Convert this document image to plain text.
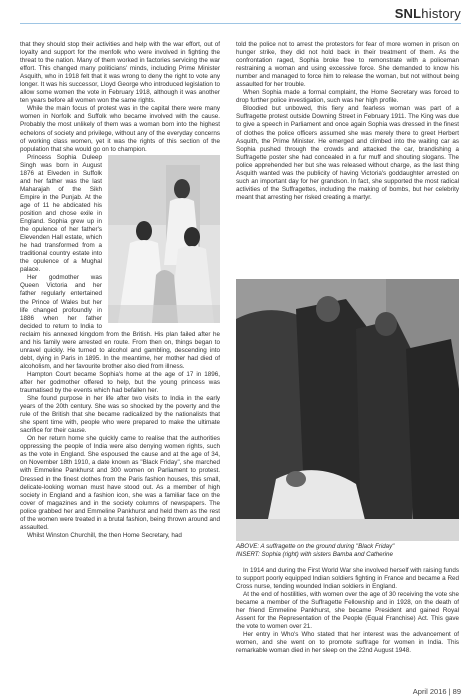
SNLhistory

that they should stop their activities and help with the war effort, out of loyalty and support for the menfolk who were involved in fighting the threat to the nation. Many of them worked in factories servicing the war effort. This changed many politicians' minds, including Prime Minister Asquith, who in 1918 felt that it was wrong to deny the right to vote any longer. It was his successor, Lloyd George who introduced legislation to allow some women the vote in February 1918, although it was another ten years before all women won the same rights.

While the main focus of protest was in the capital there were many women in Norfolk and Suffolk who became involved with the cause. Probably the most unlikely of them was a woman born into the highest echelons of society and privilege, without any of the everyday concerns of working class women, yet it was the rights of this section of the population that she would go on to champion.

Princess Sophia Duleep Singh was born in August 1876 at Elveden in Suffolk and her father was the last Maharajah of the Sikh Empire in the Punjab. At the age of 11 he abdicated his position and chose exile in England. Sophia grew up in the opulence of her father's Elevenden Hall estate, which he had transformed from a traditional country estate into the opulence of a Mughal palace.

Her godmother was Queen Victoria and her father regularly entertained the Prince of Wales but her life changed profoundly in 1886 when her father decided to return to India to reclaim his annexed kingdom from the British. His plan failed after he and his family were arrested en route. From then on, things began to unravel quickly. He turned to alcohol and gambling, descending into debt, dying in Paris in 1895. In the meantime, her mother had died of alcoholism, and her favourite brother also died from illness.

Hampton Court became Sophia's home at the age of 17 in 1896, after her godmother offered to help, but the young princess was traumatised by the events which had befallen her.

She found purpose in her life after two visits to India in the early years of the 20th century. She was so shocked by the poverty and the rule of the British that she became radicalized by the nationalists that she spent time with, people who were prepared to make the ultimate sacrifice for their cause.

On her return home she quickly came to realise that the authorities oppressing the people of India were also denying women rights, such as the vote in England. She espoused the cause and at the age of 34, on November 18th 1910, a date known as "Black Friday", she marched with Emmeline Pankhurst and 300 women on Parliament to protest. Dressed in the finest clothes from the Paris fashion houses, this small, delicate-looking woman must have stood out. As a member of high society in England and a fashion icon, she was a familiar face on the cover of magazines and in the society columns of newspapers. The police grabbed her and Emmeline Pankhurst and held them as the rest of the women were treated in a brutal fashion, being thrown around and assaulted.

Whilst Winston Churchill, the then Home Secretary, had

told the police not to arrest the protestors for fear of more women in prison on hunger strike, they did not hold back in their treatment of them. As the confrontation raged, Sophia broke free to remonstrate with a policeman restraining a woman and using excessive force. She demanded to know his number and managed to force him to release the woman, but not without being assaulted for her trouble.

When Sophia made a formal complaint, the Home Secretary was forced to drop further police investigation, such was her high profile.

Bloodied but unbowed, this fiery and fearless woman was part of a Suffragette protest outside Downing Street in February 1911. The King was due to give a speech in Parliament and once again Sophia was dressed in the finest of clothes the police officers assumed she was merely there to greet Herbert Asquith, the Prime Minister. He emerged and climbed into the waiting car as Sophia pushed through the crowds and attacked the car, brandishing a Suffragette poster she had concealed in a fur muff and shouting slogans. The police apprehended her but she was released without charge, as the last thing Asquith wanted was the publicity of having Victoria's goddaughter arrested on such an important day for her grandson. In fact, she supported the most radical activities of the Suffragettes, including the making of bombs, but her celebrity meant that arresting her risked creating a martyr.

ABOVE: A suffragette on the ground during "Black Friday"
INSERT: Sophia (right) with sisters Bamba and Catherine

In 1914 and during the First World War she involved herself with raising funds to support poorly equipped Indian soldiers fighting in France and became a Red Cross nurse, tending wounded Indian soldiers in England.

At the end of hostilities, with women over the age of 30 receiving the vote she became a member of the Suffragette Fellowship and in 1928, on the death of her friend Emmeline Pankhurst, she became President and gained Royal Assent for the Representation of the People (Equal Franchise) Act. This gave the vote to women over 21.

Her entry in Who's Who stated that her interest was the advancement of women, and she went on to promote suffrage for women in India. This remarkable woman died in her sleep on the 22nd August 1948.

April 2016 | 89
